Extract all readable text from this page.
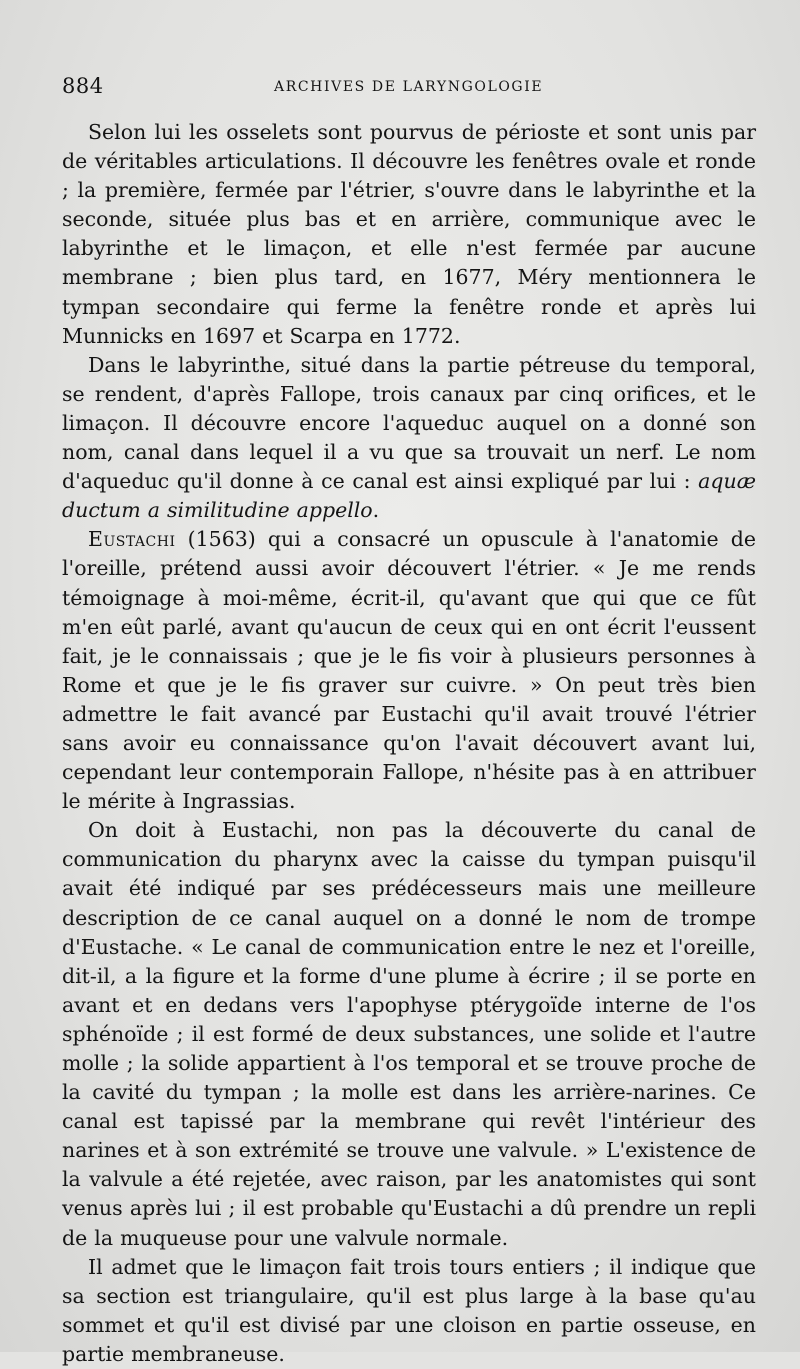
884	ARCHIVES DE LARYNGOLOGIE

Selon lui les osselets sont pourvus de périoste et sont unis par de véritables articulations. Il découvre les fenêtres ovale et ronde ; la première, fermée par l'étrier, s'ouvre dans le labyrinthe et la seconde, située plus bas et en arrière, communique avec le labyrinthe et le limaçon, et elle n'est fermée par aucune membrane ; bien plus tard, en 1677, Méry mentionnera le tympan secondaire qui ferme la fenêtre ronde et après lui Munnicks en 1697 et Scarpa en 1772.

Dans le labyrinthe, situé dans la partie pétreuse du temporal, se rendent, d'après Fallope, trois canaux par cinq orifices, et le limaçon. Il découvre encore l'aqueduc auquel on a donné son nom, canal dans lequel il a vu que sa trouvait un nerf. Le nom d'aqueduc qu'il donne à ce canal est ainsi expliqué par lui : aquæ ductum a similitudine appello.

Eustachi (1563) qui a consacré un opuscule à l'anatomie de l'oreille, prétend aussi avoir découvert l'étrier. « Je me rends témoignage à moi-même, écrit-il, qu'avant que qui que ce fût m'en eût parlé, avant qu'aucun de ceux qui en ont écrit l'eussent fait, je le connaissais ; que je le fis voir à plusieurs personnes à Rome et que je le fis graver sur cuivre. » On peut très bien admettre le fait avancé par Eustachi qu'il avait trouvé l'étrier sans avoir eu connaissance qu'on l'avait découvert avant lui, cependant leur contemporain Fallope, n'hésite pas à en attribuer le mérite à Ingrassias.

On doit à Eustachi, non pas la découverte du canal de communication du pharynx avec la caisse du tympan puisqu'il avait été indiqué par ses prédécesseurs mais une meilleure description de ce canal auquel on a donné le nom de trompe d'Eustache. « Le canal de communication entre le nez et l'oreille, dit-il, a la figure et la forme d'une plume à écrire ; il se porte en avant et en dedans vers l'apophyse ptérygoïde interne de l'os sphénoïde ; il est formé de deux substances, une solide et l'autre molle ; la solide appartient à l'os temporal et se trouve proche de la cavité du tympan ; la molle est dans les arrière-narines. Ce canal est tapissé par la membrane qui revêt l'intérieur des narines et à son extrémité se trouve une valvule. » L'existence de la valvule a été rejetée, avec raison, par les anatomistes qui sont venus après lui ; il est probable qu'Eustachi a dû prendre un repli de la muqueuse pour une valvule normale.

Il admet que le limaçon fait trois tours entiers ; il indique que sa section est triangulaire, qu'il est plus large à la base qu'au sommet et qu'il est divisé par une cloison en partie osseuse, en partie membraneuse.
